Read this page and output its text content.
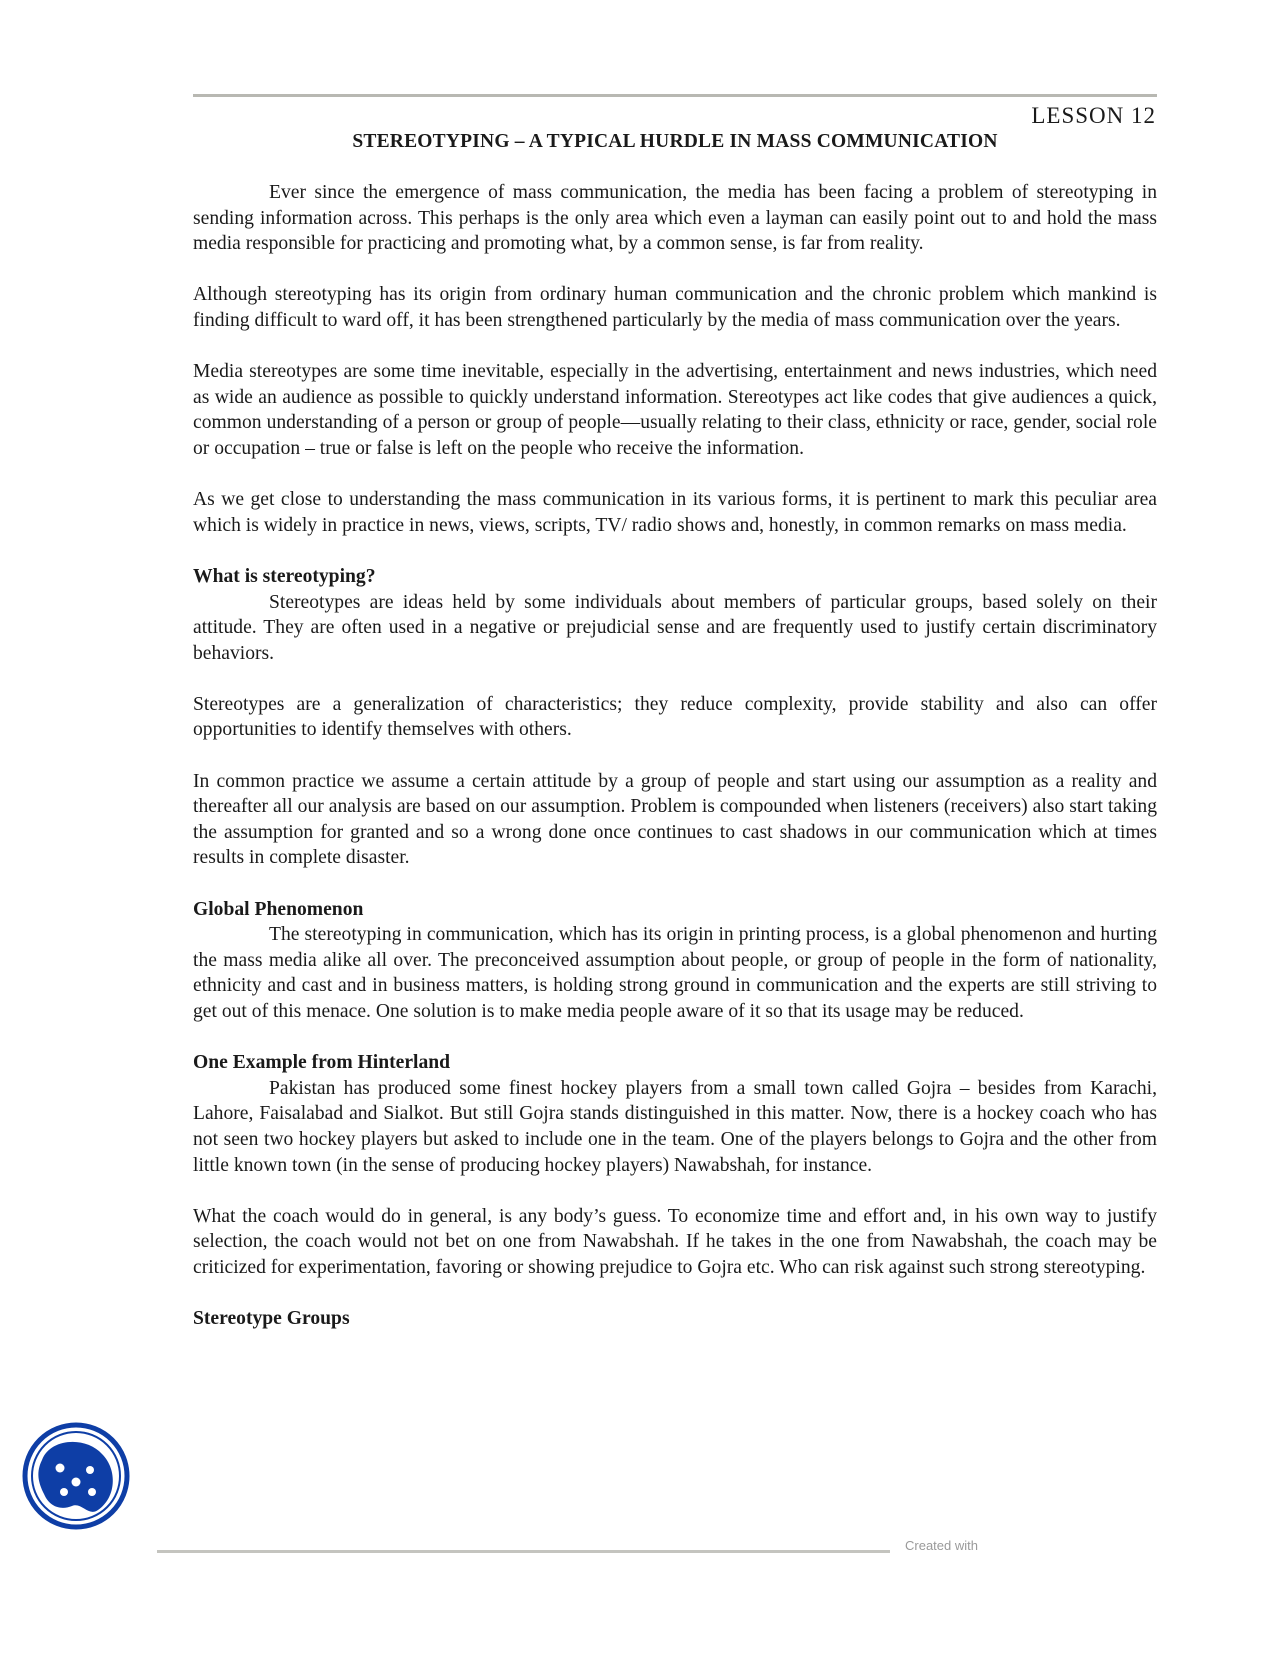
LESSON 12
STEREOTYPING – A TYPICAL HURDLE IN MASS COMMUNICATION

Ever since the emergence of mass communication, the media has been facing a problem of stereotyping in sending information across. This perhaps is the only area which even a layman can easily point out to and hold the mass media responsible for practicing and promoting what, by a common sense, is far from reality.

Although stereotyping has its origin from ordinary human communication and the chronic problem which mankind is finding difficult to ward off, it has been strengthened particularly by the media of mass communication over the years.

Media stereotypes are some time inevitable, especially in the advertising, entertainment and news industries, which need as wide an audience as possible to quickly understand information. Stereotypes act like codes that give audiences a quick, common understanding of a person or group of people—usually relating to their class, ethnicity or race, gender, social role or occupation – true or false is left on the people who receive the information.

As we get close to understanding the mass communication in its various forms, it is pertinent to mark this peculiar area which is widely in practice in news, views, scripts, TV/ radio shows and, honestly, in common remarks on mass media.

What is stereotyping?

Stereotypes are ideas held by some individuals about members of particular groups, based solely on their attitude. They are often used in a negative or prejudicial sense and are frequently used to justify certain discriminatory behaviors.

Stereotypes are a generalization of characteristics; they reduce complexity, provide stability and also can offer opportunities to identify themselves with others.

In common practice we assume a certain attitude by a group of people and start using our assumption as a reality and thereafter all our analysis are based on our assumption. Problem is compounded when listeners (receivers) also start taking the assumption for granted and so a wrong done once continues to cast shadows in our communication which at times results in complete disaster.

Global Phenomenon

The stereotyping in communication, which has its origin in printing process, is a global phenomenon and hurting the mass media alike all over. The preconceived assumption about people, or group of people in the form of nationality, ethnicity and cast and in business matters, is holding strong ground in communication and the experts are still striving to get out of this menace. One solution is to make media people aware of it so that its usage may be reduced.

One Example from Hinterland

Pakistan has produced some finest hockey players from a small town called Gojra – besides from Karachi, Lahore, Faisalabad and Sialkot. But still Gojra stands distinguished in this matter. Now, there is a hockey coach who has not seen two hockey players but asked to include one in the team. One of the players belongs to Gojra and the other from little known town (in the sense of producing hockey players) Nawabshah, for instance.

What the coach would do in general, is any body’s guess. To economize time and effort and, in his own way to justify selection, the coach would not bet on one from Nawabshah. If he takes in the one from Nawabshah, the coach may be criticized for experimentation, favoring or showing prejudice to Gojra etc. Who can risk against such strong stereotyping.

Stereotype Groups
Created with
